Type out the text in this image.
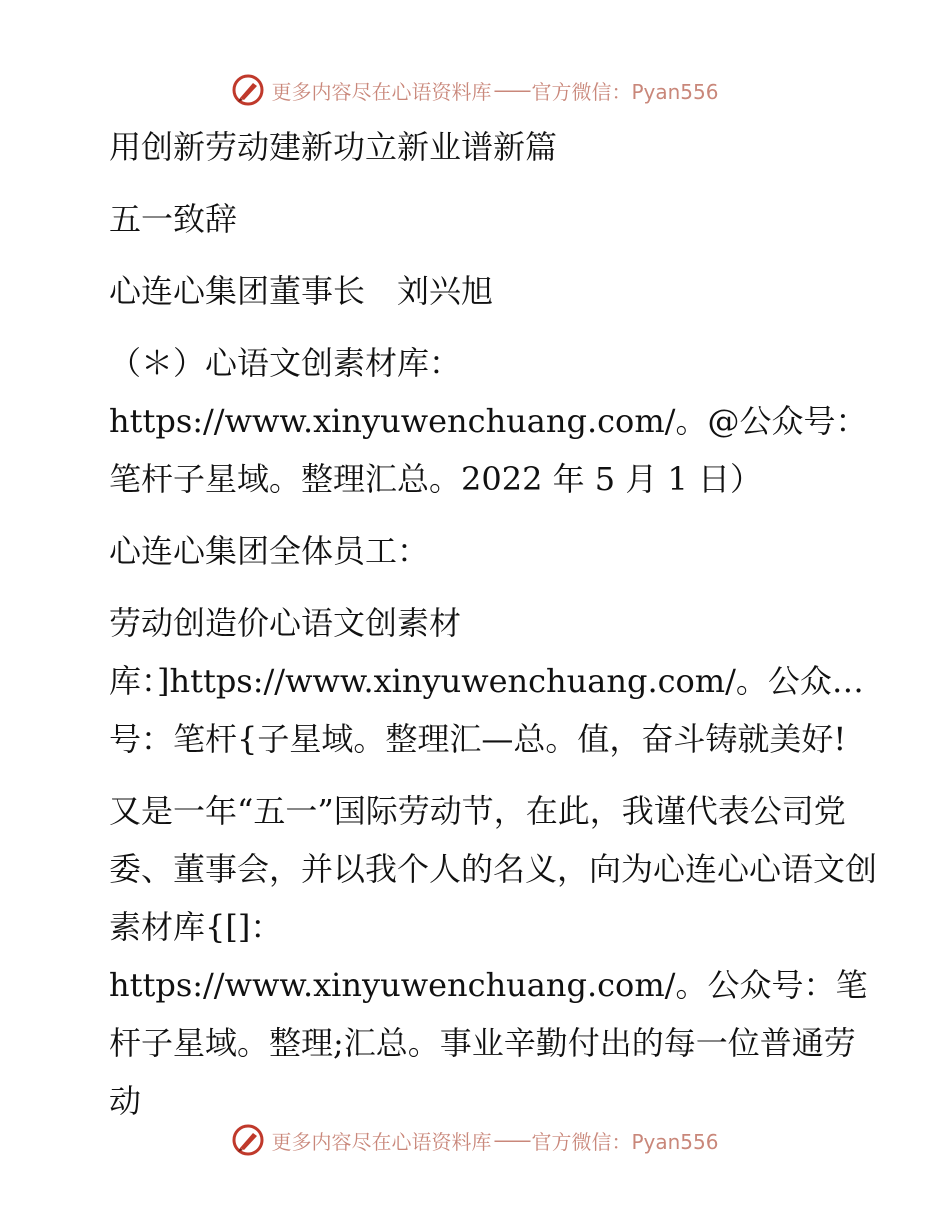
更多内容尽在心语资料库 —— 官方微信：Pyan556

用创新劳动建新功立新业谱新篇

五一致辞

心连心集团董事长　刘兴旭

（＊）心语文创素材库：https://www.xinyuwenchuang.com/。@公众号：笔杆子星域。整理汇总。2022 年 5 月 1 日）

心连心集团全体员工：

劳动创造价心语文创素材库：]https://www.xinyuwenchuang.com/。公众…号：笔杆{子星域。整理汇—总。值，奋斗铸就美好!

又是一年“五一”国际劳动节，在此，我谨代表公司党委、董事会，并以我个人的名义，向为心连心心语文创素材库{[]：https://www.xinyuwenchuang.com/。公众号：笔杆子星域。整理;汇总。事业辛勤付出的每一位普通劳动

更多内容尽在心语资料库 —— 官方微信：Pyan556
